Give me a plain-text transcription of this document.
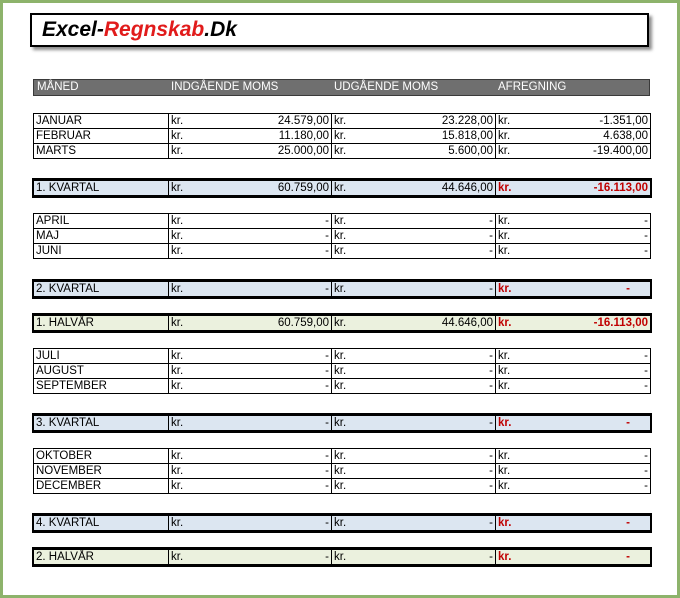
Excel-Regnskab.Dk
MÅNED	INDGÅENDE MOMS	UDGÅENDE MOMS	AFREGNING
JANUAR	kr. 24.579,00	kr. 23.228,00	kr. -1.351,00

FEBRUAR	kr. 11.180,00	kr. 15.818,00	kr. 4.638,00

MARTS	kr. 25.000,00	kr. 5.600,00	kr. -19.400,00
1. KVARTAL	kr.	60.759,00	kr.	44.646,00	kr.	-16.113,00
APRIL	kr. -	kr. -	kr. -

MAJ	kr. -	kr. -	kr. -

JUNI	kr. -	kr. -	kr. -
2. KVARTAL	kr.	-	kr.	-	kr.	-
1. HALVÅR	kr.	60.759,00	kr.	44.646,00	kr.	-16.113,00
JULI	kr. -	kr. -	kr. -

AUGUST	kr. -	kr. -	kr. -

SEPTEMBER	kr. -	kr. -	kr. -
3. KVARTAL	kr.	-	kr.	-	kr.	-
OKTOBER	kr. -	kr. -	kr. -

NOVEMBER	kr. -	kr. -	kr. -

DECEMBER	kr. -	kr. -	kr. -
4. KVARTAL	kr.	-	kr.	-	kr.	-
2. HALVÅR	kr.	-	kr.	-	kr.	-
